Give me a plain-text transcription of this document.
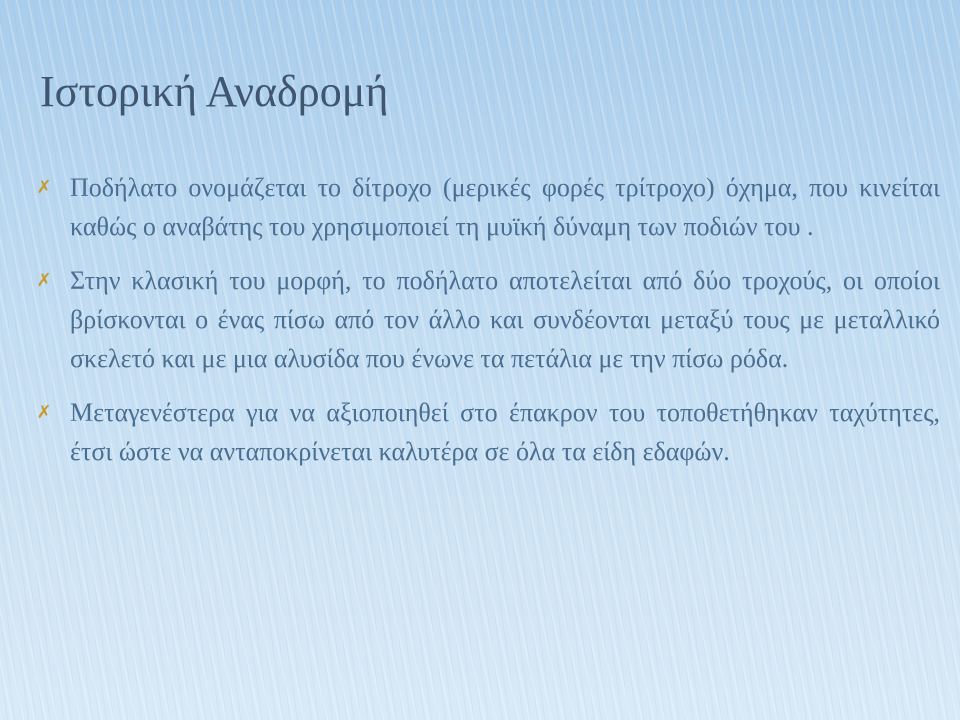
Ιστορική Αναδρομή
✗ Ποδήλατο ονομάζεται το δίτροχο (μερικές φορές τρίτροχο) όχημα, που κινείται καθώς ο αναβάτης του χρησιμοποιεί τη μυϊκή δύναμη των ποδιών του .
✗ Στην κλασική του μορφή, το ποδήλατο αποτελείται από δύο τροχούς, οι οποίοι βρίσκονται ο ένας πίσω από τον άλλο και συνδέονται μεταξύ τους με μεταλλικό σκελετό και με μια αλυσίδα που ένωνε τα πετάλια με την πίσω ρόδα.
✗ Μεταγενέστερα για να αξιοποιηθεί στο έπακρον του τοποθετήθηκαν ταχύτητες, έτσι ώστε να ανταποκρίνεται καλυτέρα σε όλα τα είδη εδαφών.
